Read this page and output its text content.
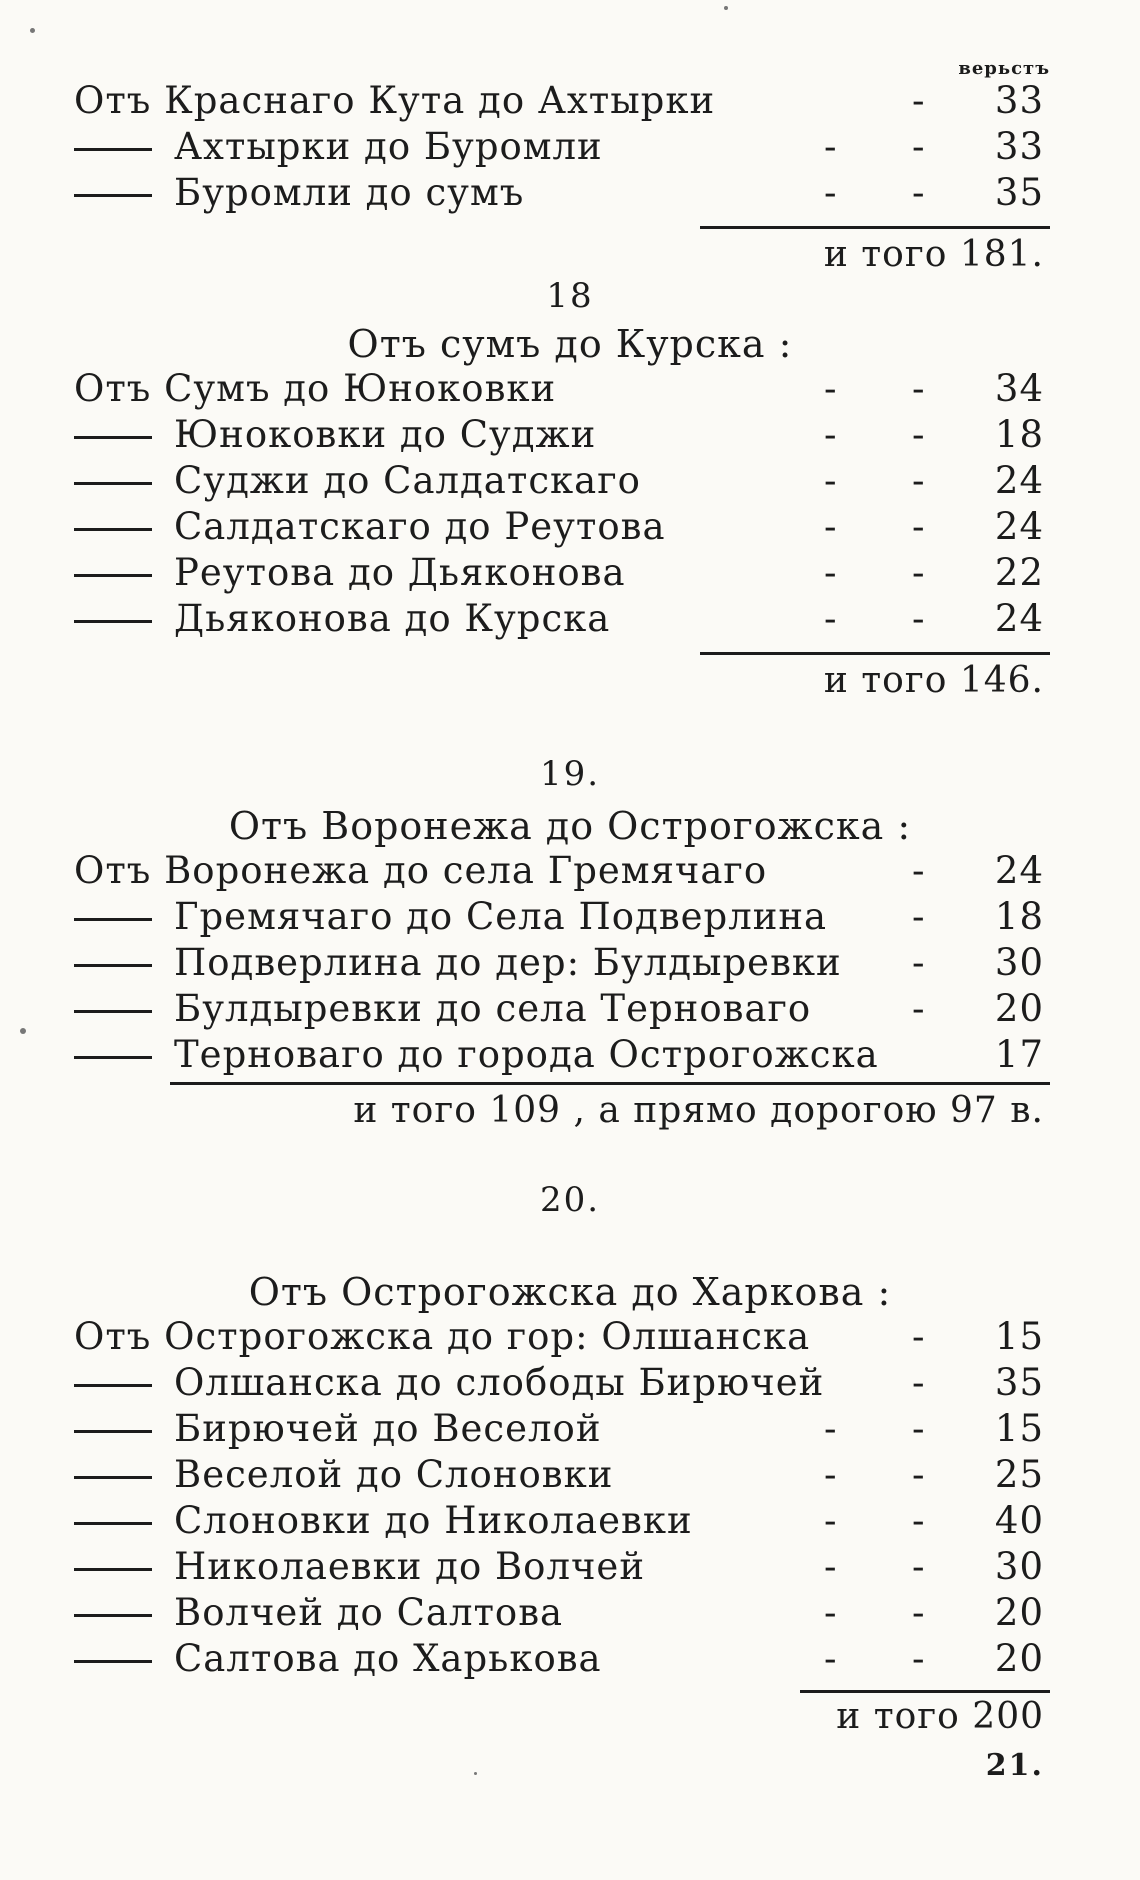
верьстъ
Отъ Краснаго Кута до Ахтырки	-	33
Ахтырки до Буромли	- -	33
Буромли до сумъ	- -	35
и того 181.
18
Отъ сумъ до Курска :
Отъ Сумъ до Юноковки	- -	34
Юноковки до Суджи	- -	18
Суджи до Салдатскаго	- -	24
Салдатскаго до Реутова	- -	24
Реутова до Дьяконова	- -	22
Дьяконова до Курска	- -	24
и того 146.
19.
Отъ Воронежа до Острогожска :
Отъ Воронежа до села Гремячаго	-	24
Гремячаго до Села Подверлина -	18
Подверлина до дер: Булдыревки -	30
Булдыревки до села Терноваго	-	20
Терноваго до города Острогожска	17
и того 109 , а прямо дорогою 97 в.
20.
Отъ Острогожска до Харкова :
Отъ Острогожска до гор: Олшанска	-	15
Олшанска до слободы Бирючей -	35
Бирючей до Веселой	- -	15
Веселой до Слоновки	- -	25
Слоновки до Николаевки	- -	40
Николаевки до Волчей	- -	30
Волчей до Салтова	- -	20
Салтова до Харькова	- -	20
и того 200
21.
